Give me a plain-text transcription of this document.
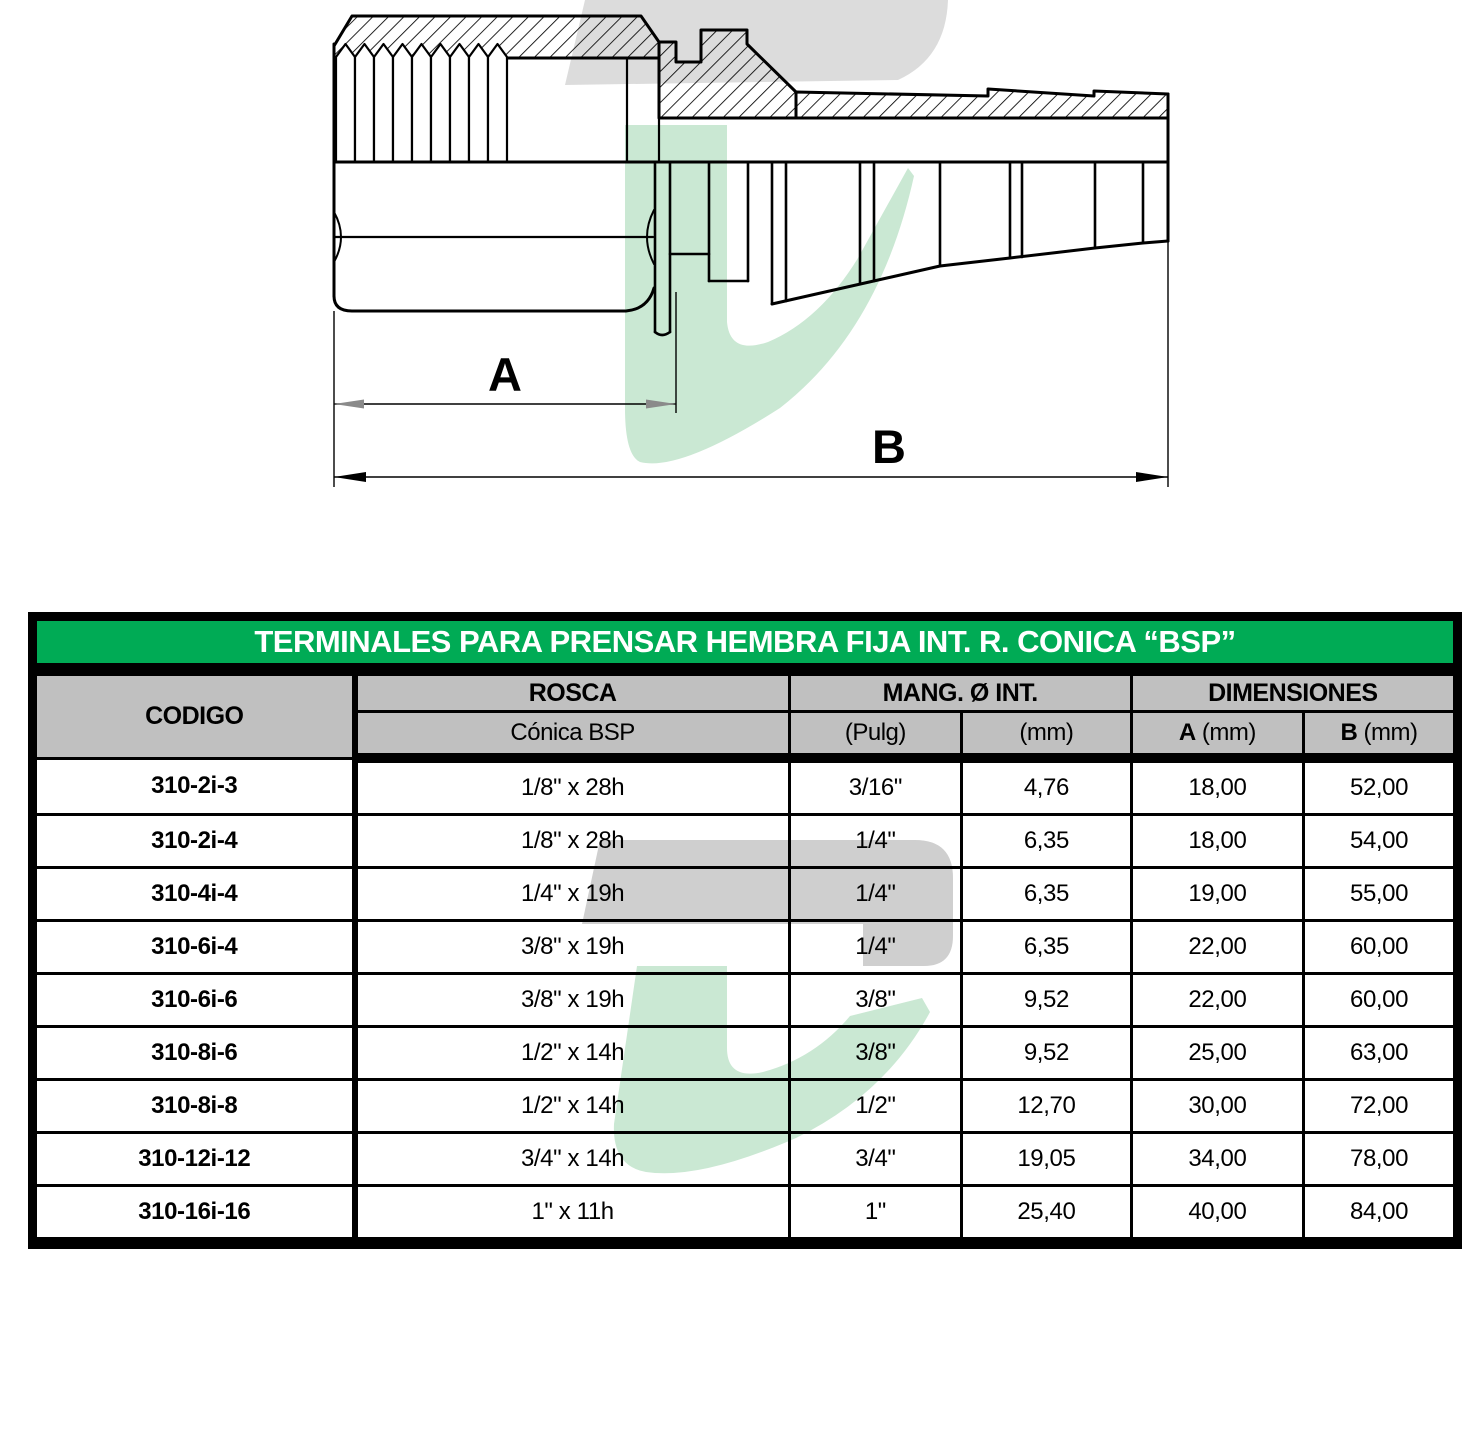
A
B
TERMINALES PARA PRENSAR HEMBRA FIJA INT. R. CONICA “BSP”					
CODIGO	ROSCA	MANG. Ø INT.		DIMENSIONES	
	Cónica BSP	(Pulg)	(mm)	A (mm)	B (mm)
310-2i-3	1/8" x 28h	3/16"	4,76	18,00	52,00
310-2i-4	1/8" x 28h	1/4"	6,35	18,00	54,00
310-4i-4	1/4" x 19h	1/4"	6,35	19,00	55,00
310-6i-4	3/8" x 19h	1/4"	6,35	22,00	60,00
310-6i-6	3/8" x 19h	3/8"	9,52	22,00	60,00
310-8i-6	1/2" x 14h	3/8"	9,52	25,00	63,00
310-8i-8	1/2" x 14h	1/2"	12,70	30,00	72,00
310-12i-12	3/4" x 14h	3/4"	19,05	34,00	78,00
310-16i-16	1" x 11h	1"	25,40	40,00	84,00
